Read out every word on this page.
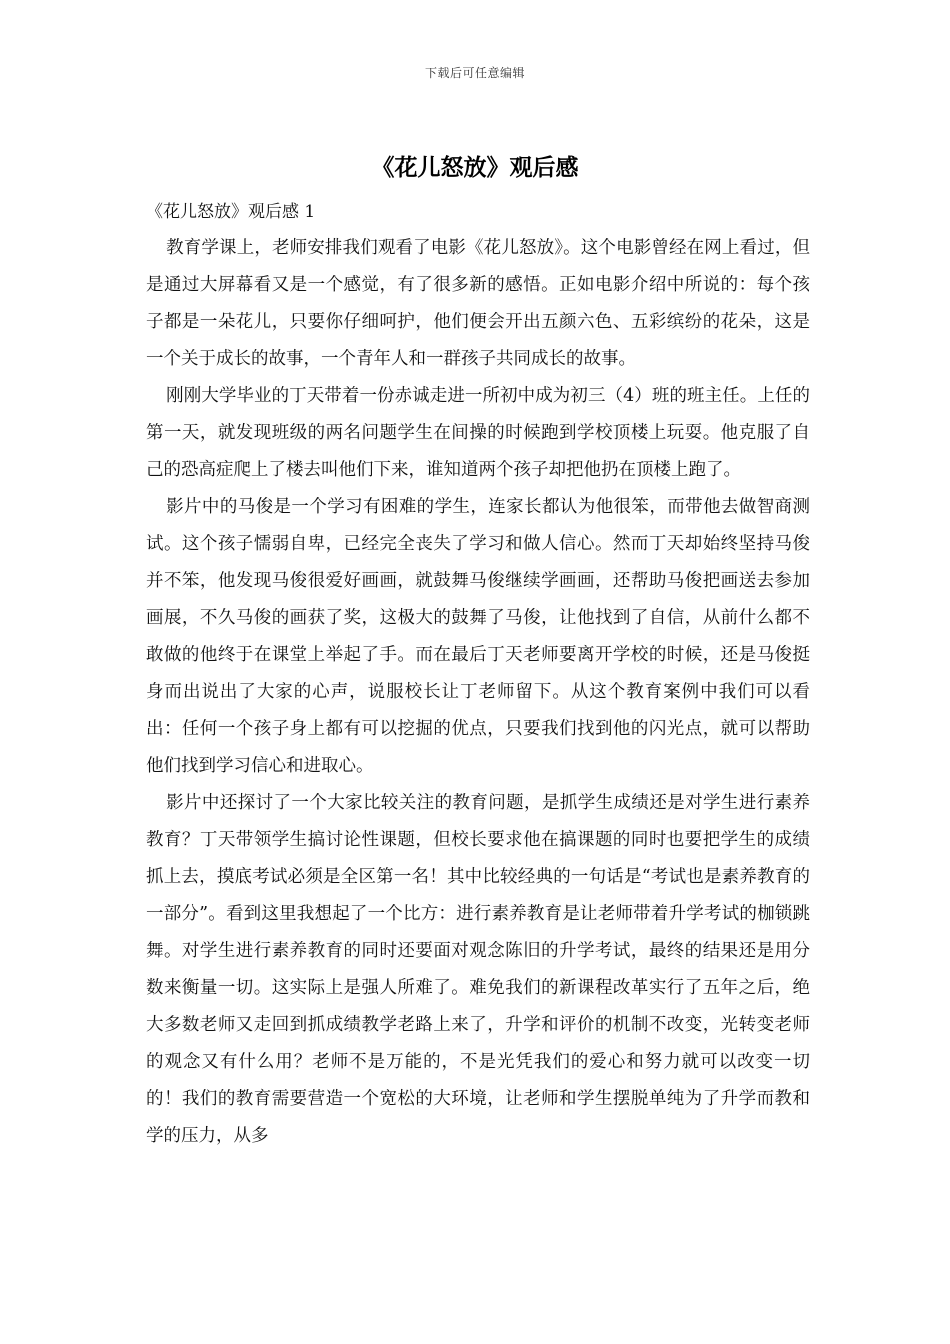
下载后可任意编辑
《花儿怒放》观后感

《花儿怒放》观后感 1

教育学课上，老师安排我们观看了电影《花儿怒放》。这个电影曾经在网上看过，但是通过大屏幕看又是一个感觉，有了很多新的感悟。正如电影介绍中所说的：每个孩子都是一朵花儿，只要你仔细呵护，他们便会开出五颜六色、五彩缤纷的花朵，这是一个关于成长的故事，一个青年人和一群孩子共同成长的故事。

刚刚大学毕业的丁天带着一份赤诚走进一所初中成为初三（4）班的班主任。上任的第一天，就发现班级的两名问题学生在间操的时候跑到学校顶楼上玩耍。他克服了自己的恐高症爬上了楼去叫他们下来，谁知道两个孩子却把他扔在顶楼上跑了。

影片中的马俊是一个学习有困难的学生，连家长都认为他很笨，而带他去做智商测试。这个孩子懦弱自卑，已经完全丧失了学习和做人信心。然而丁天却始终坚持马俊并不笨，他发现马俊很爱好画画，就鼓舞马俊继续学画画，还帮助马俊把画送去参加画展，不久马俊的画获了奖，这极大的鼓舞了马俊，让他找到了自信，从前什么都不敢做的他终于在课堂上举起了手。而在最后丁天老师要离开学校的时候，还是马俊挺身而出说出了大家的心声，说服校长让丁老师留下。从这个教育案例中我们可以看出：任何一个孩子身上都有可以挖掘的优点，只要我们找到他的闪光点，就可以帮助他们找到学习信心和进取心。

影片中还探讨了一个大家比较关注的教育问题，是抓学生成绩还是对学生进行素养教育？丁天带领学生搞讨论性课题，但校长要求他在搞课题的同时也要把学生的成绩抓上去，摸底考试必须是全区第一名！其中比较经典的一句话是“考试也是素养教育的一部分”。看到这里我想起了一个比方：进行素养教育是让老师带着升学考试的枷锁跳舞。对学生进行素养教育的同时还要面对观念陈旧的升学考试，最终的结果还是用分数来衡量一切。这实际上是强人所难了。难免我们的新课程改革实行了五年之后，绝大多数老师又走回到抓成绩教学老路上来了，升学和评价的机制不改变，光转变老师的观念又有什么用？老师不是万能的，不是光凭我们的爱心和努力就可以改变一切的！我们的教育需要营造一个宽松的大环境，让老师和学生摆脱单纯为了升学而教和学的压力，从多
